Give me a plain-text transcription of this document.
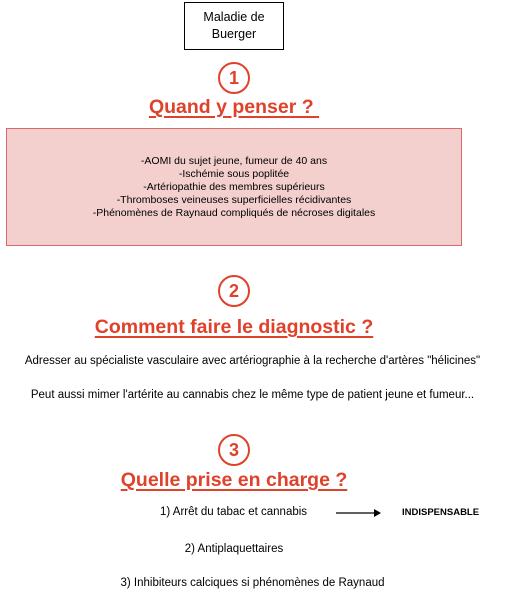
Maladie de
Buerger
1
Quand y penser ?
-AOMI du sujet jeune, fumeur de 40 ans
-Ischémie sous poplitée
-Artériopathie des membres supérieurs
-Thromboses veineuses superficielles récidivantes
-Phénomènes de Raynaud compliqués de nécroses digitales
2
Comment faire le diagnostic ?
Adresser au spécialiste vasculaire avec artériographie à la recherche d'artères "hélicines"
Peut aussi mimer l'artérite au cannabis chez le même type de patient jeune et fumeur...
3
Quelle prise en charge ?
1) Arrêt du tabac et cannabis	INDISPENSABLE
2) Antiplaquettaires
3) Inhibiteurs calciques si phénomènes de Raynaud
